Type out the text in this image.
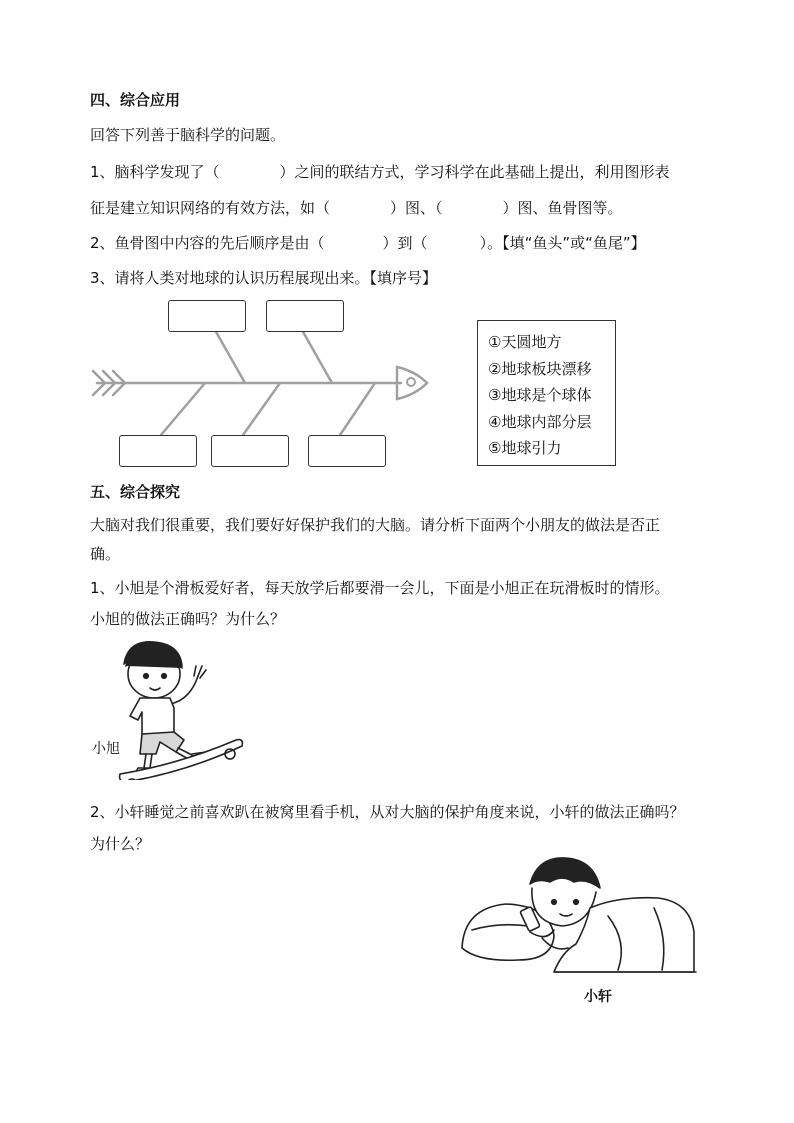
四、综合应用
回答下列善于脑科学的问题。
1、脑科学发现了（	）之间的联结方式，学习科学在此基础上提出，利用图形表
征是建立知识网络的有效方法，如（	）图、（	）图、鱼骨图等。
2、鱼骨图中内容的先后顺序是由（	）到（	）。【填“鱼头”或“鱼尾”】
3、请将人类对地球的认识历程展现出来。【填序号】
①天圆地方
②地球板块漂移
③地球是个球体
④地球内部分层
⑤地球引力
五、综合探究
大脑对我们很重要，我们要好好保护我们的大脑。请分析下面两个小朋友的做法是否正
确。
1、小旭是个滑板爱好者，每天放学后都要滑一会儿，下面是小旭正在玩滑板时的情形。
小旭的做法正确吗？为什么？
小旭
2、小轩睡觉之前喜欢趴在被窝里看手机，从对大脑的保护角度来说，小轩的做法正确吗？
为什么？
小轩
